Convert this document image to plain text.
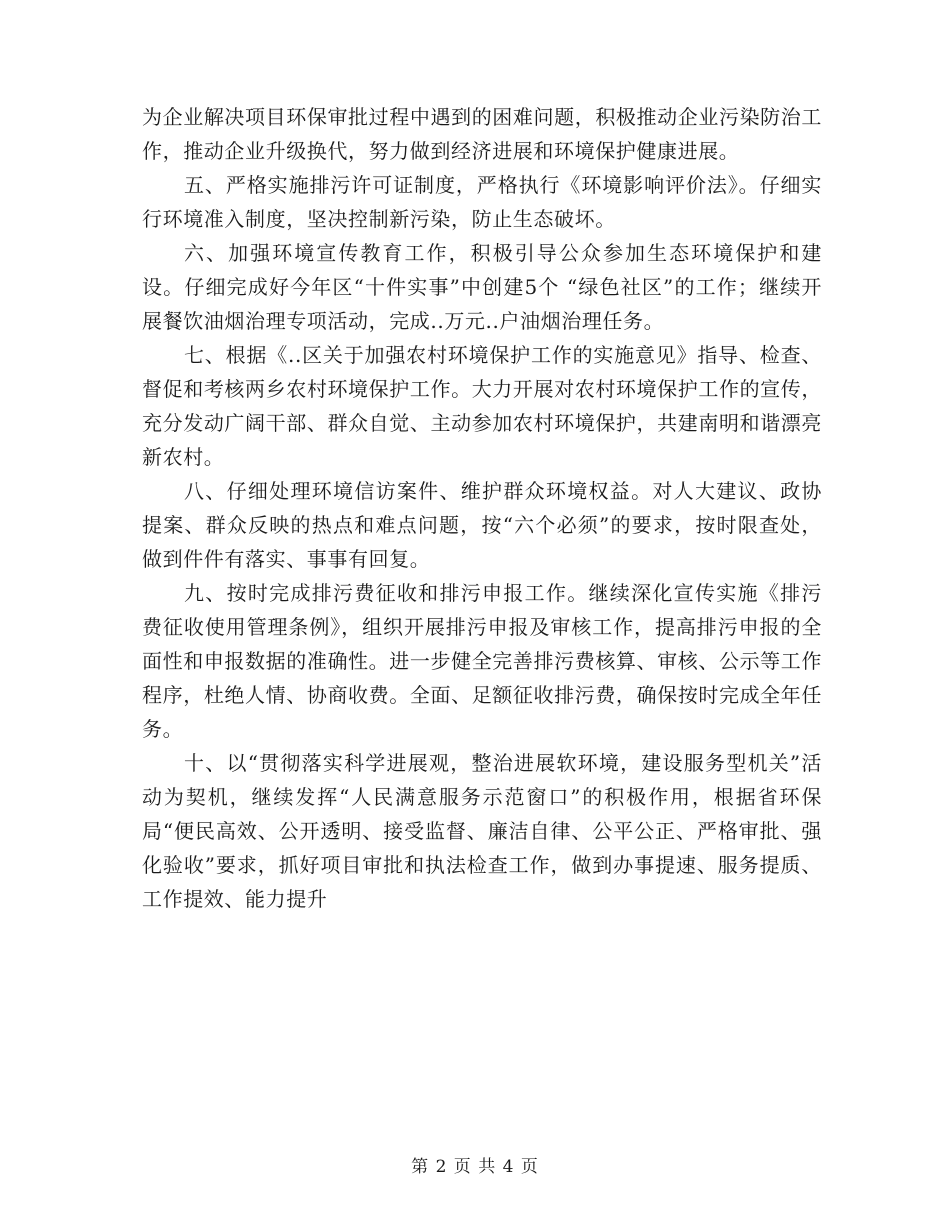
为企业解决项目环保审批过程中遇到的困难问题，积极推动企业污染防治工作，推动企业升级换代，努力做到经济进展和环境保护健康进展。

五、严格实施排污许可证制度，严格执行《环境影响评价法》。仔细实行环境准入制度，坚决控制新污染，防止生态破坏。

六、加强环境宣传教育工作，积极引导公众参加生态环境保护和建设。仔细完成好今年区“十件实事”中创建5个 “绿色社区”的工作；继续开展餐饮油烟治理专项活动，完成..万元..户油烟治理任务。

七、根据《..区关于加强农村环境保护工作的实施意见》指导、检查、督促和考核两乡农村环境保护工作。大力开展对农村环境保护工作的宣传，充分发动广阔干部、群众自觉、主动参加农村环境保护，共建南明和谐漂亮新农村。

八、仔细处理环境信访案件、维护群众环境权益。对人大建议、政协提案、群众反映的热点和难点问题，按“六个必须”的要求，按时限查处，做到件件有落实、事事有回复。

九、按时完成排污费征收和排污申报工作。继续深化宣传实施《排污费征收使用管理条例》，组织开展排污申报及审核工作，提高排污申报的全面性和申报数据的准确性。进一步健全完善排污费核算、审核、公示等工作程序，杜绝人情、协商收费。全面、足额征收排污费，确保按时完成全年任务。

十、以“贯彻落实科学进展观，整治进展软环境，建设服务型机关”活动为契机，继续发挥“人民满意服务示范窗口”的积极作用，根据省环保局“便民高效、公开透明、接受监督、廉洁自律、公平公正、严格审批、强化验收”要求，抓好项目审批和执法检查工作，做到办事提速、服务提质、工作提效、能力提升

第 2 页 共 4 页
